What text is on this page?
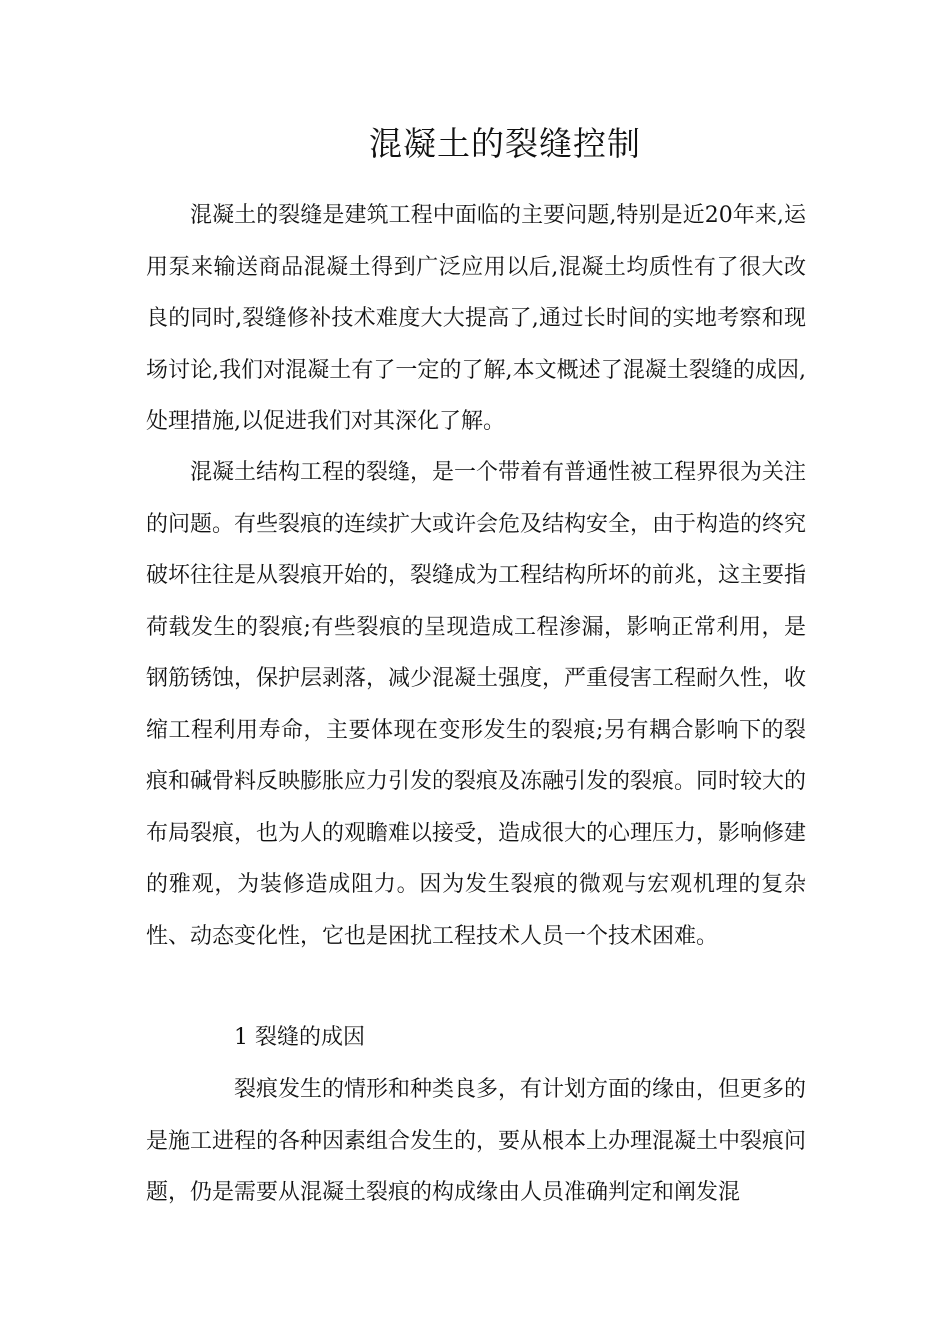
混凝土的裂缝控制

混凝土的裂缝是建筑工程中面临的主要问题,特别是近20年来,运用泵来输送商品混凝土得到广泛应用以后,混凝土均质性有了很大改良的同时,裂缝修补技术难度大大提高了,通过长时间的实地考察和现场讨论,我们对混凝土有了一定的了解,本文概述了混凝土裂缝的成因,处理措施,以促进我们对其深化了解。

混凝土结构工程的裂缝，是一个带着有普通性被工程界很为关注的问题。有些裂痕的连续扩大或许会危及结构安全，由于构造的终究破坏往往是从裂痕开始的，裂缝成为工程结构所坏的前兆，这主要指荷载发生的裂痕;有些裂痕的呈现造成工程渗漏，影响正常利用，是钢筋锈蚀，保护层剥落，减少混凝土强度，严重侵害工程耐久性，收缩工程利用寿命，主要体现在变形发生的裂痕;另有耦合影响下的裂痕和碱骨料反映膨胀应力引发的裂痕及冻融引发的裂痕。同时较大的布局裂痕，也为人的观瞻难以接受，造成很大的心理压力，影响修建的雅观，为装修造成阻力。因为发生裂痕的微观与宏观机理的复杂性、动态变化性，它也是困扰工程技术人员一个技术困难。

1 裂缝的成因

裂痕发生的情形和种类良多，有计划方面的缘由，但更多的是施工进程的各种因素组合发生的，要从根本上办理混凝土中裂痕问题，仍是需要从混凝土裂痕的构成缘由人员准确判定和阐发混
